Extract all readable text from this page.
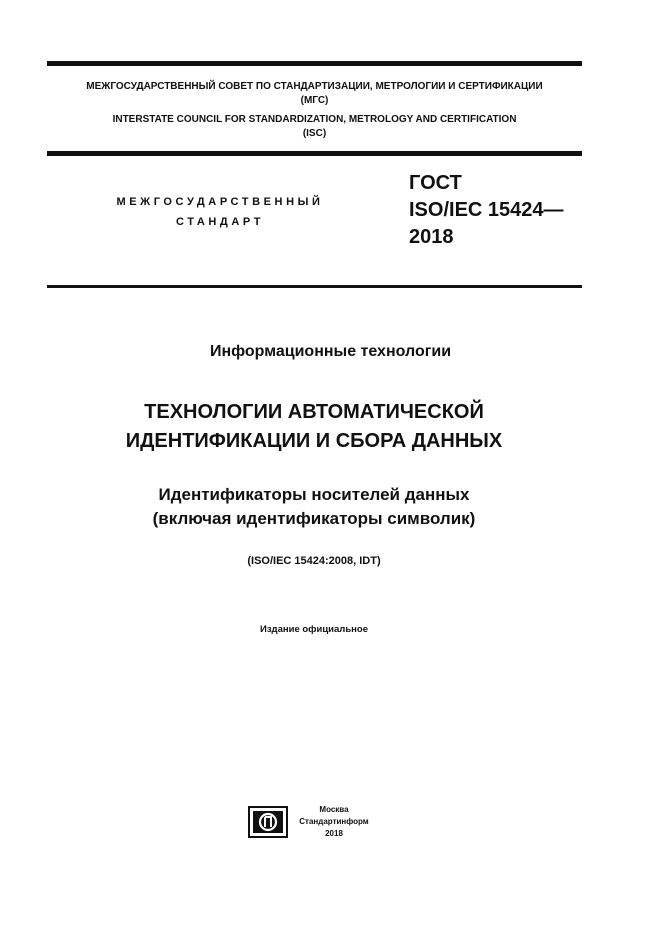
МЕЖГОСУДАРСТВЕННЫЙ СОВЕТ ПО СТАНДАРТИЗАЦИИ, МЕТРОЛОГИИ И СЕРТИФИКАЦИИ
(МГС)
INTERSTATE COUNCIL FOR STANDARDIZATION, METROLOGY AND CERTIFICATION
(ISC)
МЕЖГОСУДАРСТВЕННЫЙ
СТАНДАРТ
ГОСТ
ISO/IEC 15424—
2018
Информационные технологии
ТЕХНОЛОГИИ АВТОМАТИЧЕСКОЙ
ИДЕНТИФИКАЦИИ И СБОРА ДАННЫХ
Идентификаторы носителей данных
(включая идентификаторы символик)
(ISO/IEC 15424:2008, IDT)
Издание официальное
Москва
Стандартинформ
2018
